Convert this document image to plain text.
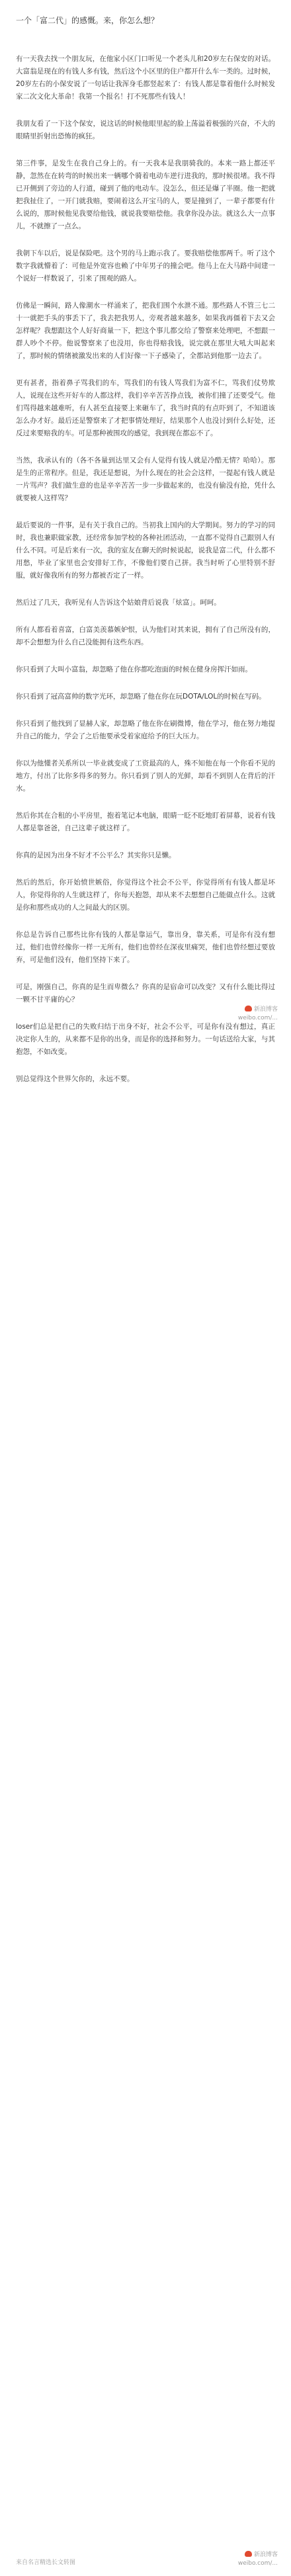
一个「富二代」的感慨。来，你怎么想？

有一天我去找一个朋友玩，在他家小区门口听见一个老头儿和20岁左右保安的对话。大富翁是现在的有钱人多有钱，然后这个小区里的住户都开什么车一类的。过时候，20岁左右的小保安说了一句话让我浑身毛都竖起来了：有钱人都是靠着他什么时候发家二次文化大革命！我第一个报名！打不死那些有钱人！

我朋友看了一下这个保安，说这话的时候他眼里起的脸上荡溢着极强的兴奋，不大的眼睛里折射出恐怖的疯狂。

第三件事，是发生在我自己身上的。有一天我本是我朋骑我的。本来一路上都还平静，忽然在在转弯的时候出来一辆哪个骑着电动车逆行进我的，那时候很堵。我不得已开侧到了旁边的人行道，碰到了他的电动车。没怎么，但还是爆了半圈。他一把就把我扯住了，一开门就我赔，要闹着这么开宝马的人，要是撞到了，一辈子都要有什么说的，那时候他见我要给他钱，就说我要赔偿他。我拿你没办法。就这么大一点事儿，不就擦了一点么。

我朝下车以后，说是保险吧。这个男的马上跑示我了。要我赔偿他那两千。听了这个数字我就懵着了：可他是外宽容也赖了中年男子的撞会吧。他马上在大马路中间建一个说好一样数说了，引来了围观的路人。

仿佛是一瞬间，路人像潮水一样涌来了，把我们围个水泄不通。那些路人不管三七二十一就把手头的事丢下了，我去把我男人，旁观者越来越多，如果我再僵着下去又会怎样呢？我想跟这个人好好商量一下，把这个事儿都交给了警察来处理吧，不想跟一群人吵个不停。他说警察来了也没用，你也得赔我钱，说完就在那里大吼大叫起来了，那时候的情绪被激发出来的人们好像一下子感染了，全都站到他那一边去了。

更有甚者，指着鼻子骂我们的车，骂我们的有钱人骂我们为富不仁，骂我们仗势欺人，说现在这些开好车的人都这样，我们辛辛苦苦挣点钱，被你们撞了还要受气。他们骂得越来越难听，有人甚至直接要上来砸车了，我当时真的有点吓到了，不知道该怎么办才好。最后还是警察来了才把事情处理好，结果那个人也没讨到什么好处，还反过来要赔我的车。可是那种被围攻的感觉，我到现在都忘不了。

当然，我承认有的（各不各量到达里又会有人觉得有钱人就是冷酷无情？哈哈）。那是生的正常程序。但是，我还是想说，为什么现在的社会会这样，一提起有钱人就是一片骂声？我们做生意的也是辛辛苦苦一步一步做起来的，也没有偷没有抢，凭什么就要被人这样骂？

最后要说的一件事，是有关于我自己的。当初我上国内的大学期间。努力的学习的同时，我也兼职做家教，还经常参加学校的各种社团活动，一直都不觉得自己跟别人有什么不同。可是后来有一次，我的室友在聊天的时候说起，说我是富二代，什么都不用愁，毕业了家里也会安排好工作，不像他们要自己拼。我当时听了心里特别不舒服，就好像我所有的努力都被否定了一样。

然后过了几天，我听见有人告诉这个姑娘背后说我「炫富」。呵呵。

所有人都看着喜富，白富美羡慕嫉妒恨，认为他们对其来说，拥有了自己所没有的，却不会想想为什么自己没能拥有这些东西。

你只看到了大叫小富翁，却忽略了他在你都吃泡面的时候在健身房挥汗如雨。

你只看到了冠高富帅的数字光环，却忽略了他在你在玩DOTA/LOL的时候在写码。

你只看到了他找到了显赫人家，却忽略了他在你在刷微博，他在学习，他在努力地提升自己的能力，学会了之后他要承受着家庭给予的巨大压力。

你以为他懂者关系所以一毕业就变成了工资最高的人，殊不知他在每一个你看不见的地方，付出了比你多得多的努力。你只看到了别人的光鲜，却看不到别人在背后的汗水。

然后你其在合租的小平房里，抱着笔记本电脑，眼睛一眨不眨地盯着屏幕，说着有钱人都是靠爸爸，自己这辈子就这样了。

你真的是因为出身不好才不公平么？其实你只是懒。

然后的然后，你开始愤世嫉俗，你觉得这个社会不公平，你觉得所有有钱人都是坏人，你觉得你的人生就这样了，你每天抱怨，却从来不去想想自己能做点什么。这就是你和那些成功的人之间最大的区别。

你总是告诉自己那些比你有钱的人都是靠运气，靠出身，靠关系，可是你有没有想过，他们也曾经像你一样一无所有，他们也曾经在深夜里痛哭，他们也曾经想过要放弃，可是他们没有，他们坚持下来了。

可是，刚强自己，你真的是生而卑微么？你真的是宿命可以改变？又有什么能比得过一颗不甘平庸的心？

loser们总是把自己的失败归结于出身不好，社会不公平，可是你有没有想过，真正决定你人生的，从来都不是你的出身，而是你的选择和努力。一句话送给大家，与其抱怨，不如改变。

别总觉得这个世界欠你的，永远不要。

新浪博客
weibo.com/...
新浪博客
weibo.com/...
来自名言精选长文转图
